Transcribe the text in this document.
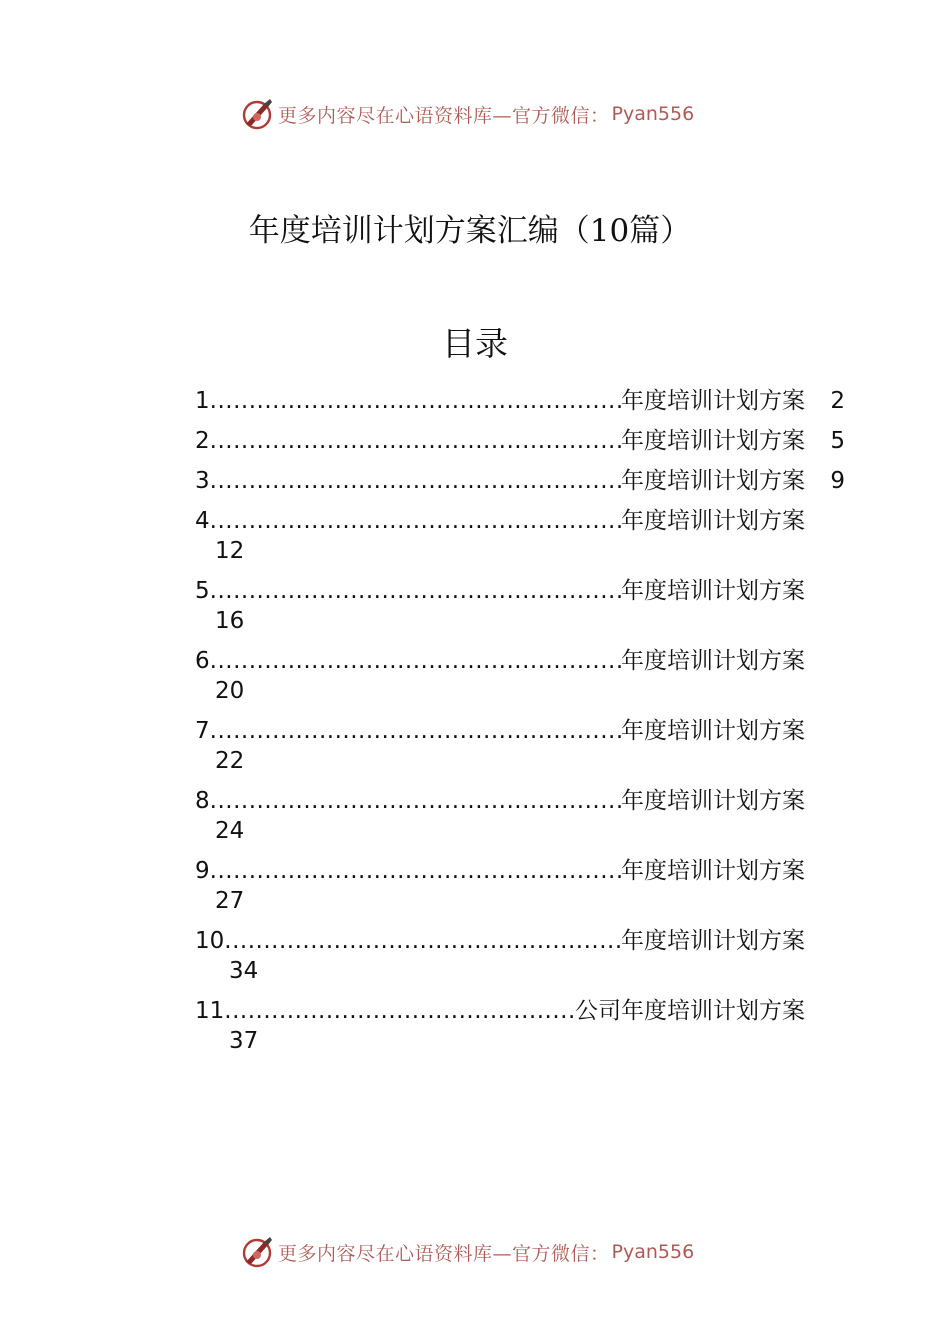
更多内容尽在心语资料库—官方微信： Pyan556
年度培训计划方案汇编（10篇）
目录
1 .....	年度培训计划方案	2
2 .....	年度培训计划方案	5
3 .....	年度培训计划方案	9
4 .....	年度培训计划方案
12
5 .....	年度培训计划方案
16
6 .....	年度培训计划方案
20
7 .....	年度培训计划方案
22
8 .....	年度培训计划方案
24
9 .....	年度培训计划方案
27
10 .....	年度培训计划方案
34
11 .....	公司年度培训计划方案
37
更多内容尽在心语资料库—官方微信： Pyan556
